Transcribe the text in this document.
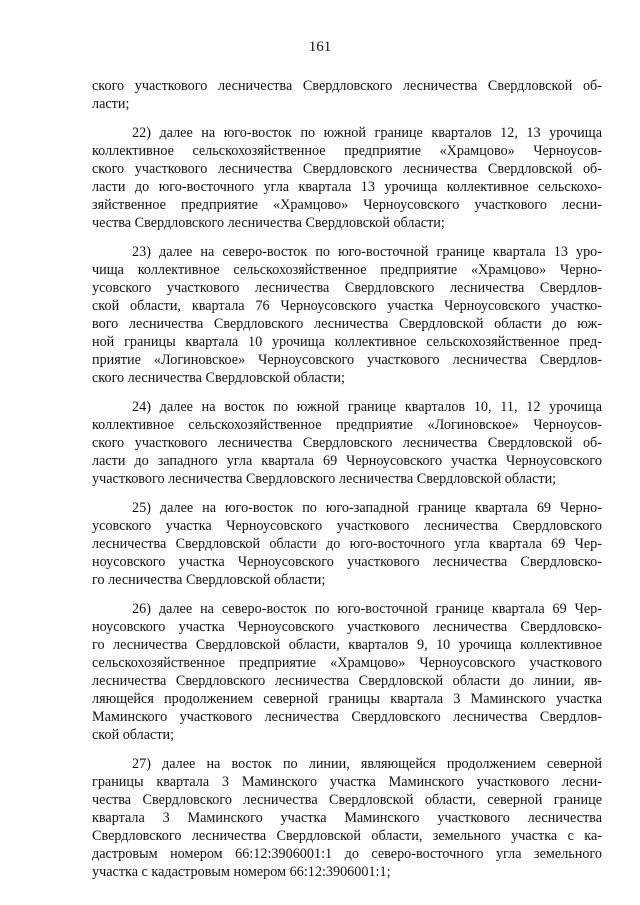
161
ского участкового лесничества Свердловского лесничества Свердловской об-
ласти;
22) далее на юго-восток по южной границе кварталов 12, 13 урочища
коллективное сельскохозяйственное предприятие «Храмцово» Черноусов-
ского участкового лесничества Свердловского лесничества Свердловской об-
ласти до юго-восточного угла квартала 13 урочища коллективное сельскохо-
зяйственное предприятие «Храмцово» Черноусовского участкового лесни-
чества Свердловского лесничества Свердловской области;
23) далее на северо-восток по юго-восточной границе квартала 13 уро-
чища коллективное сельскохозяйственное предприятие «Храмцово» Черно-
усовского участкового лесничества Свердловского лесничества Свердлов-
ской области, квартала 76 Черноусовского участка Черноусовского участко-
вого лесничества Свердловского лесничества Свердловской области до юж-
ной границы квартала 10 урочища коллективное сельскохозяйственное пред-
приятие «Логиновское» Черноусовского участкового лесничества Свердлов-
ского лесничества Свердловской области;
24) далее на восток по южной границе кварталов 10, 11, 12 урочища
коллективное сельскохозяйственное предприятие «Логиновское» Черноусов-
ского участкового лесничества Свердловского лесничества Свердловской об-
ласти до западного угла квартала 69 Черноусовского участка Черноусовского
участкового лесничества Свердловского лесничества Свердловской области;
25) далее на юго-восток по юго-западной границе квартала 69 Черно-
усовского участка Черноусовского участкового лесничества Свердловского
лесничества Свердловской области до юго-восточного угла квартала 69 Чер-
ноусовского участка Черноусовского участкового лесничества Свердловско-
го лесничества Свердловской области;
26) далее на северо-восток по юго-восточной границе квартала 69 Чер-
ноусовского участка Черноусовского участкового лесничества Свердловско-
го лесничества Свердловской области, кварталов 9, 10 урочища коллективное
сельскохозяйственное предприятие «Храмцово» Черноусовского участкового
лесничества Свердловского лесничества Свердловской области до линии, яв-
ляющейся продолжением северной границы квартала 3 Маминского участка
Маминского участкового лесничества Свердловского лесничества Свердлов-
ской области;
27) далее на восток по линии, являющейся продолжением северной
границы квартала 3 Маминского участка Маминского участкового лесни-
чества Свердловского лесничества Свердловской области, северной границе
квартала 3 Маминского участка Маминского участкового лесничества
Свердловского лесничества Свердловской области, земельного участка с ка-
дастровым номером 66:12:3906001:1 до северо-восточного угла земельного
участка с кадастровым номером 66:12:3906001:1;
